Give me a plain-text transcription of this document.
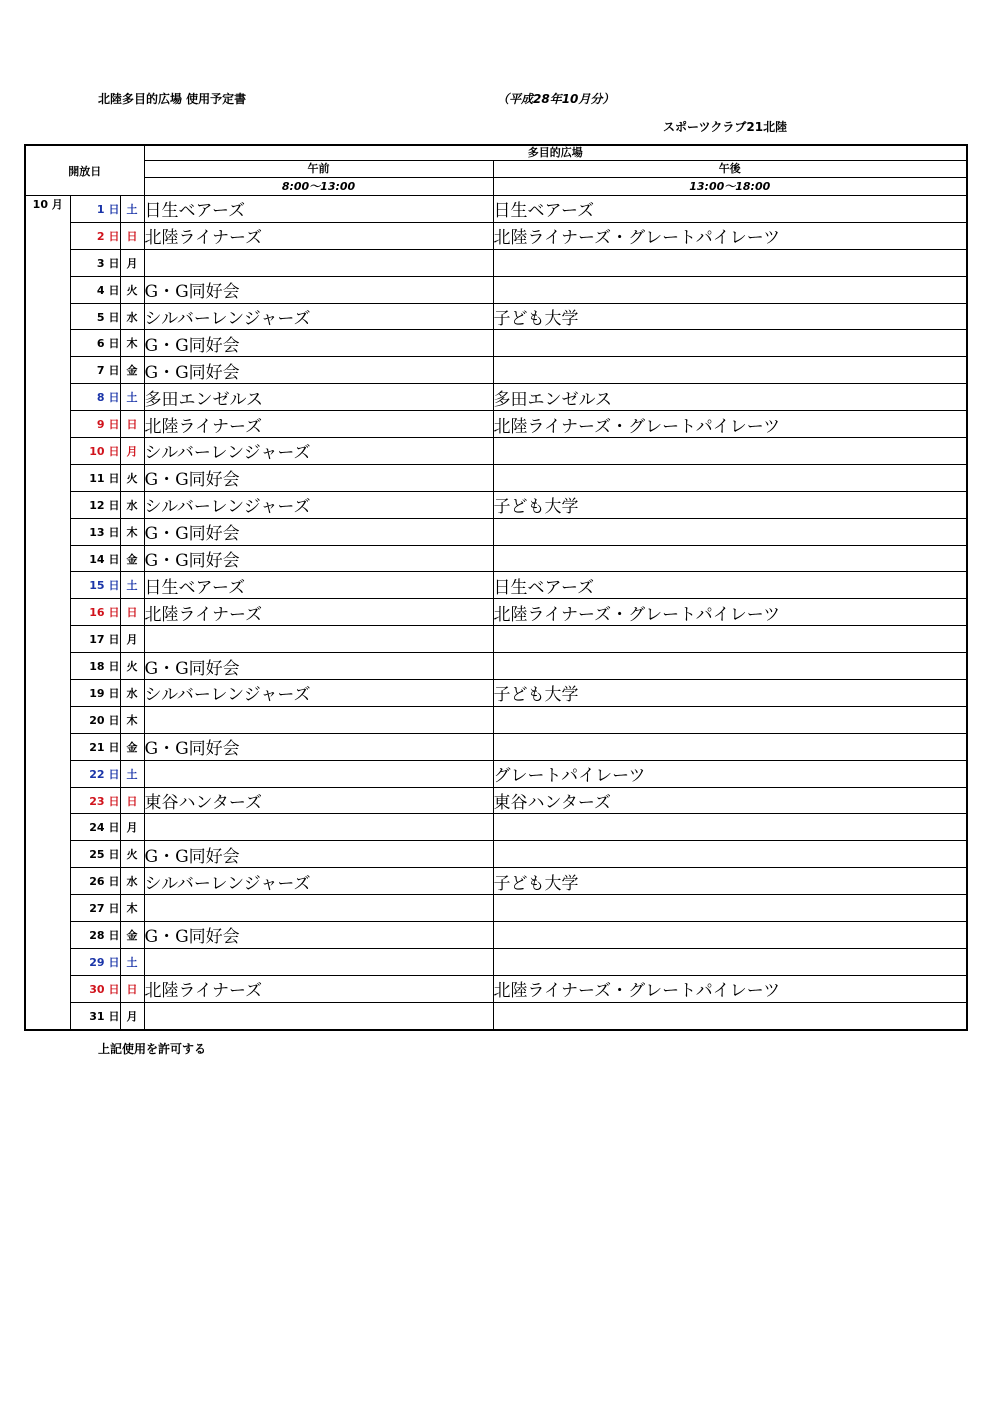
北陸多目的広場 使用予定書	（平成28年10月分）
スポーツクラブ21北陸
開放日			多目的広場	
			午前	午後
			8:00～13:00	13:00～18:00
10 月	1 日	土	日生ベアーズ	日生ベアーズ
	2 日	日	北陸ライナーズ	北陸ライナーズ・グレートパイレーツ
	3 日	月		
	4 日	火	G・G同好会	
	5 日	水	シルバーレンジャーズ	子ども大学
	6 日	木	G・G同好会	
	7 日	金	G・G同好会	
	8 日	土	多田エンゼルス	多田エンゼルス
	9 日	日	北陸ライナーズ	北陸ライナーズ・グレートパイレーツ
	10 日	月	シルバーレンジャーズ	
	11 日	火	G・G同好会	
	12 日	水	シルバーレンジャーズ	子ども大学
	13 日	木	G・G同好会	
	14 日	金	G・G同好会	
	15 日	土	日生ベアーズ	日生ベアーズ
	16 日	日	北陸ライナーズ	北陸ライナーズ・グレートパイレーツ
	17 日	月		
	18 日	火	G・G同好会	
	19 日	水	シルバーレンジャーズ	子ども大学
	20 日	木		
	21 日	金	G・G同好会	
	22 日	土		グレートパイレーツ
	23 日	日	東谷ハンターズ	東谷ハンターズ
	24 日	月		
	25 日	火	G・G同好会	
	26 日	水	シルバーレンジャーズ	子ども大学
	27 日	木		
	28 日	金	G・G同好会	
	29 日	土		
	30 日	日	北陸ライナーズ	北陸ライナーズ・グレートパイレーツ
	31 日	月		
上記使用を許可する
